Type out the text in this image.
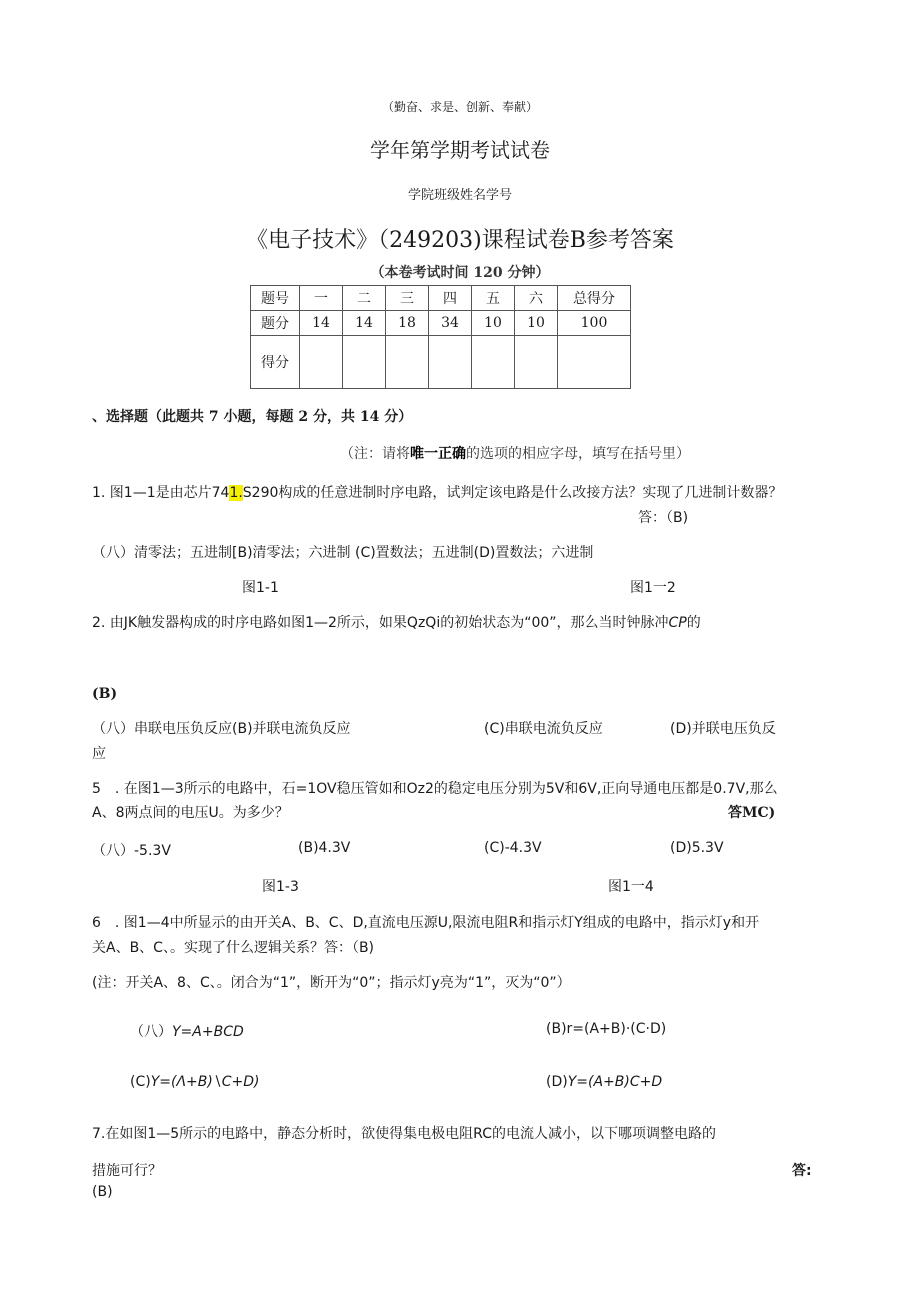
（勤奋、求是、创新、奉献）
学年第学期考试试卷
学院班级姓名学号
《电子技术》（249203)课程试卷B参考答案
（本卷考试时间 120 分钟）
题号	一	二	三	四	五	六	总得分
题分	14	14	18	34	10	10	100
得分							
、选择题（此题共 7 小题，每题 2 分，共 14 分）
（注：请将唯一正确的选项的相应字母，填写在括号里）
1. 图1—1是由芯片741.S290构成的任意进制时序电路，试判定该电路是什么改接方法？实现了几进制计数器？
答：（B)
（八）清零法；五进制[B)清零法；六进制 (C)置数法；五进制(D)置数法；六进制
图1-1	图1一2
2. 由JK触发器构成的时序电路如图1—2所示，如果QzQi的初始状态为“00”，那么当时钟脉冲CP的
(B)
（八）串联电压负反应(B)并联电流负反应	(C)串联电流负反应	(D)并联电压负反
应
5　. 在图1—3所示的电路中，石=1OV稳压管如和Oz2的稳定电压分别为5V和6V,正向导通电压都是0.7V,那么
A、8两点间的电压U。为多少？	答MC)
（八）-5.3V	(B)4.3V	(C)-4.3V	(D)5.3V
图1-3	图1一4
6　. 图1—4中所显示的由开关A、B、C、D,直流电压源U,限流电阻R和指示灯Y组成的电路中，指示灯y和开
关A、B、C、。实现了什么逻辑关系？答：（B)
(注：开关A、8、C、。闭合为“1”，断开为“0”；指示灯y亮为“1”，灭为“0”）
（八）Y=A+BCD	(B)r=(A+B)·(C·D)
(C)Y=(Λ+B)∖C+D)	(D)Y=(A+B)C+D
7.在如图1—5所示的电路中，静态分析时，欲使得集电极电阻RC的电流人减小，以下哪项调整电路的
措施可行？	答:
(B)
